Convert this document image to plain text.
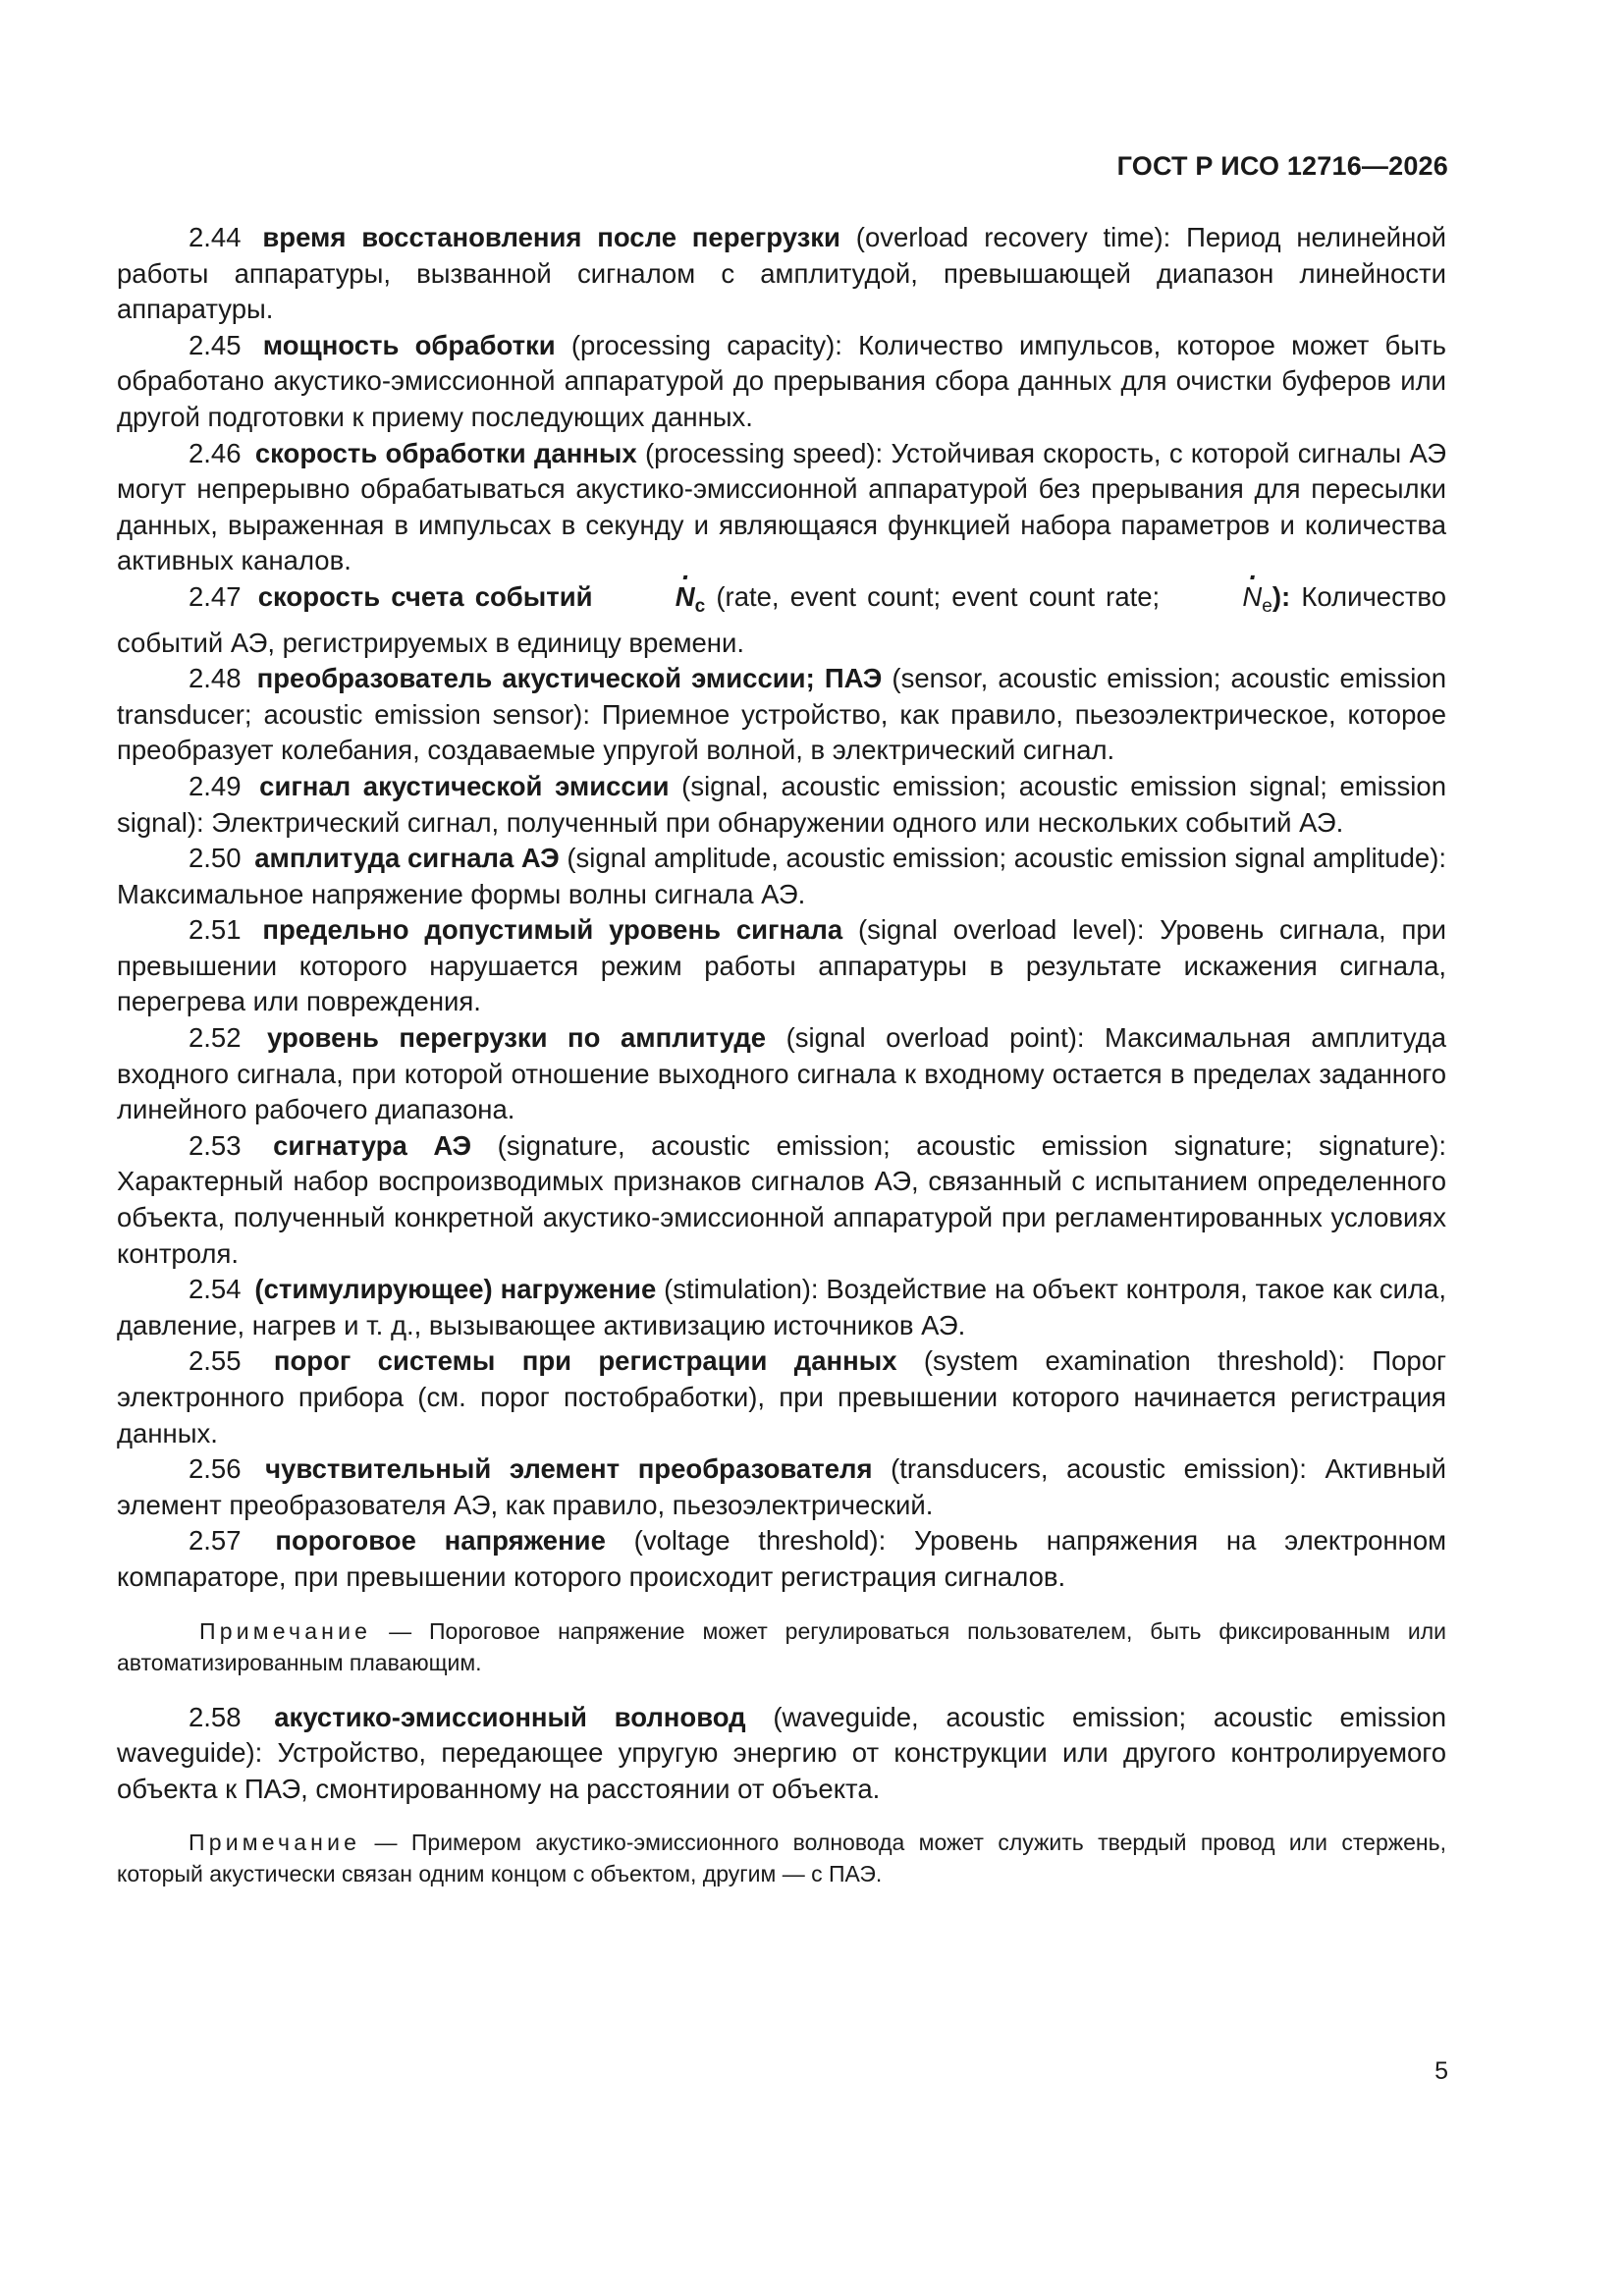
ГОСТ Р ИСО 12716—2026

2.44 время восстановления после перегрузки (overload recovery time): Период нелинейной работы аппаратуры, вызванной сигналом с амплитудой, превышающей диапазон линейности аппаратуры.

2.45 мощность обработки (processing capacity): Количество импульсов, которое может быть обработано акустико-эмиссионной аппаратурой до прерывания сбора данных для очистки буферов или другой подготовки к приему последующих данных.

2.46 скорость обработки данных (processing speed): Устойчивая скорость, с которой сигналы АЭ могут непрерывно обрабатываться акустико-эмиссионной аппаратурой без прерывания для пересылки данных, выраженная в импульсах в секунду и являющаяся функцией набора параметров и количества активных каналов.

2.47 скорость счета событий	· $N_c$ (rate, event count; event count rate;	· $N_e$): Количество событий АЭ, регистрируемых в единицу времени.

2.48 преобразователь акустической эмиссии; ПАЭ (sensor, acoustic emission; acoustic emission transducer; acoustic emission sensor): Приемное устройство, как правило, пьезоэлектрическое, которое преобразует колебания, создаваемые упругой волной, в электрический сигнал.

2.49 сигнал акустической эмиссии (signal, acoustic emission; acoustic emission signal; emission signal): Электрический сигнал, полученный при обнаружении одного или нескольких событий АЭ.

2.50 амплитуда сигнала АЭ (signal amplitude, acoustic emission; acoustic emission signal amplitude): Максимальное напряжение формы волны сигнала АЭ.

2.51 предельно допустимый уровень сигнала (signal overload level): Уровень сигнала, при превышении которого нарушается режим работы аппаратуры в результате искажения сигнала, перегрева или повреждения.

2.52 уровень перегрузки по амплитуде (signal overload point): Максимальная амплитуда входного сигнала, при которой отношение выходного сигнала к входному остается в пределах заданного линейного рабочего диапазона.

2.53 сигнатура АЭ (signature, acoustic emission; acoustic emission signature; signature): Характерный набор воспроизводимых признаков сигналов АЭ, связанный с испытанием определенного объекта, полученный конкретной акустико-эмиссионной аппаратурой при регламентированных условиях контроля.

2.54 (стимулирующее) нагружение (stimulation): Воздействие на объект контроля, такое как сила, давление, нагрев и т. д., вызывающее активизацию источников АЭ.

2.55 порог системы при регистрации данных (system examination threshold): Порог электронного прибора (см. порог постобработки), при превышении которого начинается регистрация данных.

2.56 чувствительный элемент преобразователя (transducers, acoustic emission): Активный элемент преобразователя АЭ, как правило, пьезоэлектрический.

2.57 пороговое напряжение (voltage threshold): Уровень напряжения на электронном компараторе, при превышении которого происходит регистрация сигналов.

Примечание — Пороговое напряжение может регулироваться пользователем, быть фиксированным или автоматизированным плавающим.

2.58 акустико-эмиссионный волновод (waveguide, acoustic emission; acoustic emission waveguide): Устройство, передающее упругую энергию от конструкции или другого контролируемого объекта к ПАЭ, смонтированному на расстоянии от объекта.

Примечание — Примером акустико-эмиссионного волновода может служить твердый провод или стержень, который акустически связан одним концом с объектом, другим — с ПАЭ.

5
